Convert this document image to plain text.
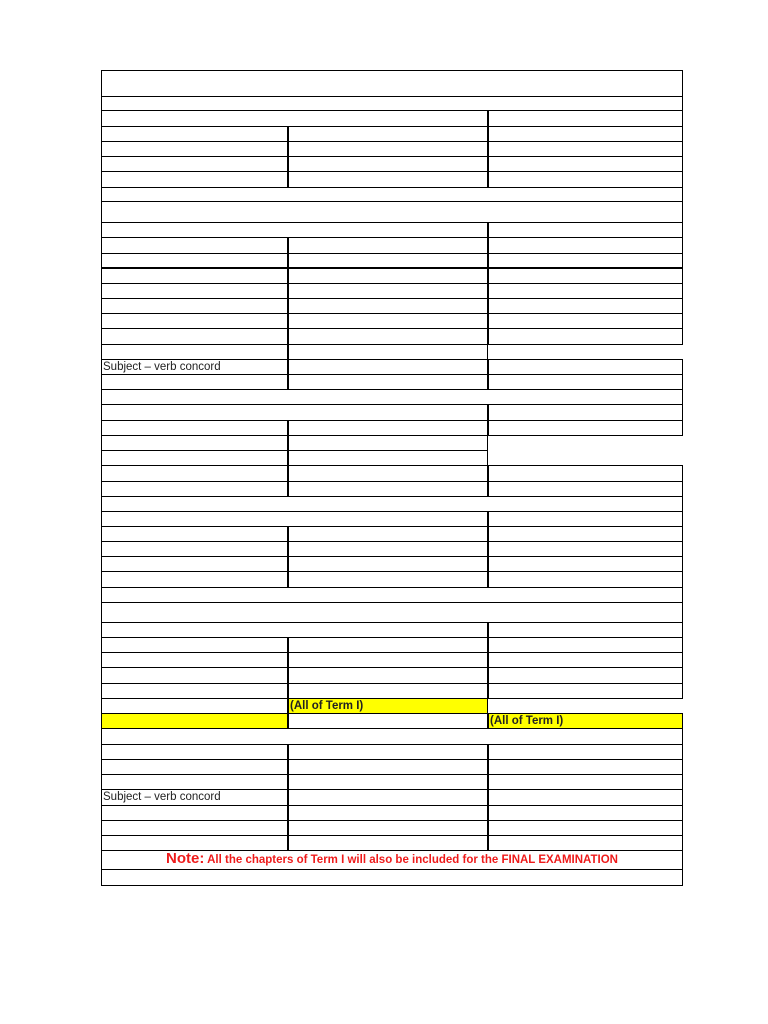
Subject – verb concord
Subject – verb concord
(All of Term I)
(All of Term I)
Note: All the chapters of Term I will also be included for the FINAL EXAMINATION
